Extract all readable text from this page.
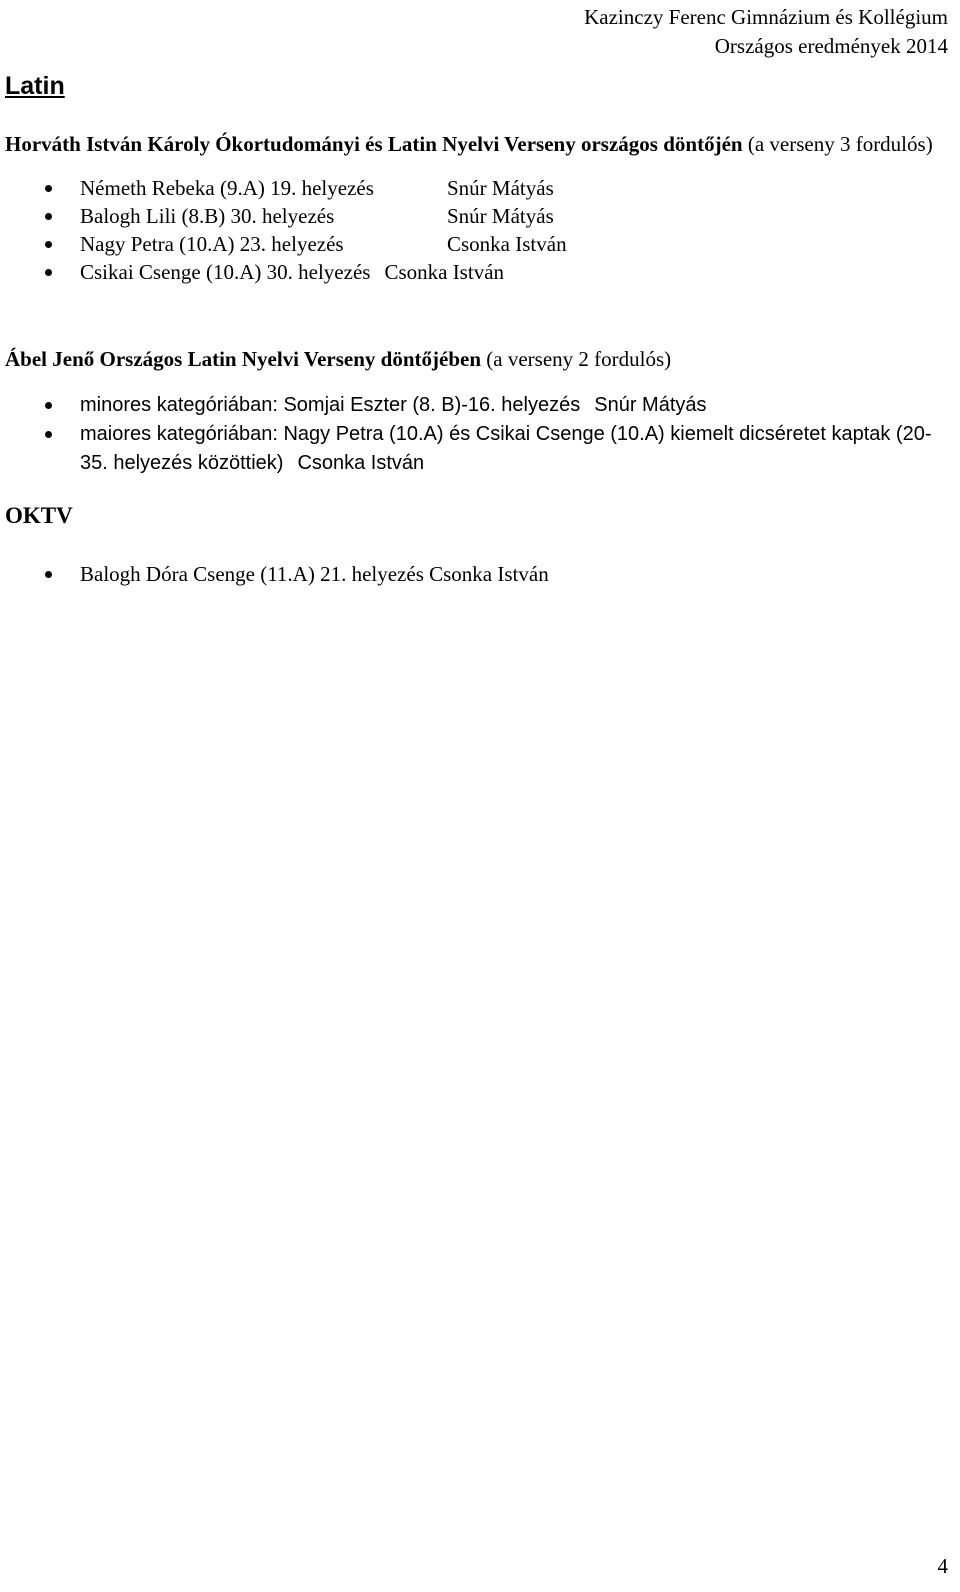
Kazinczy Ferenc Gimnázium és Kollégium
Országos eredmények 2014
Latin

Horváth István Károly Ókortudományi és Latin Nyelvi Verseny országos döntőjén (a verseny 3 fordulós)

Németh Rebeka (9.A) 19. helyezés	Snúr Mátyás
Balogh Lili (8.B) 30. helyezés	Snúr Mátyás
Nagy Petra (10.A) 23. helyezés	Csonka István
Csikai Csenge (10.A) 30. helyezés Csonka István

Ábel Jenő Országos Latin Nyelvi Verseny döntőjében (a verseny 2 fordulós)

minores kategóriában: Somjai Eszter (8. B)-16. helyezés Snúr Mátyás
maiores kategóriában: Nagy Petra (10.A) és Csikai Csenge (10.A) kiemelt dicséretet kaptak (20-35. helyezés közöttiek) Csonka István
OKTV
Balogh Dóra Csenge (11.A) 21. helyezés Csonka István
4
